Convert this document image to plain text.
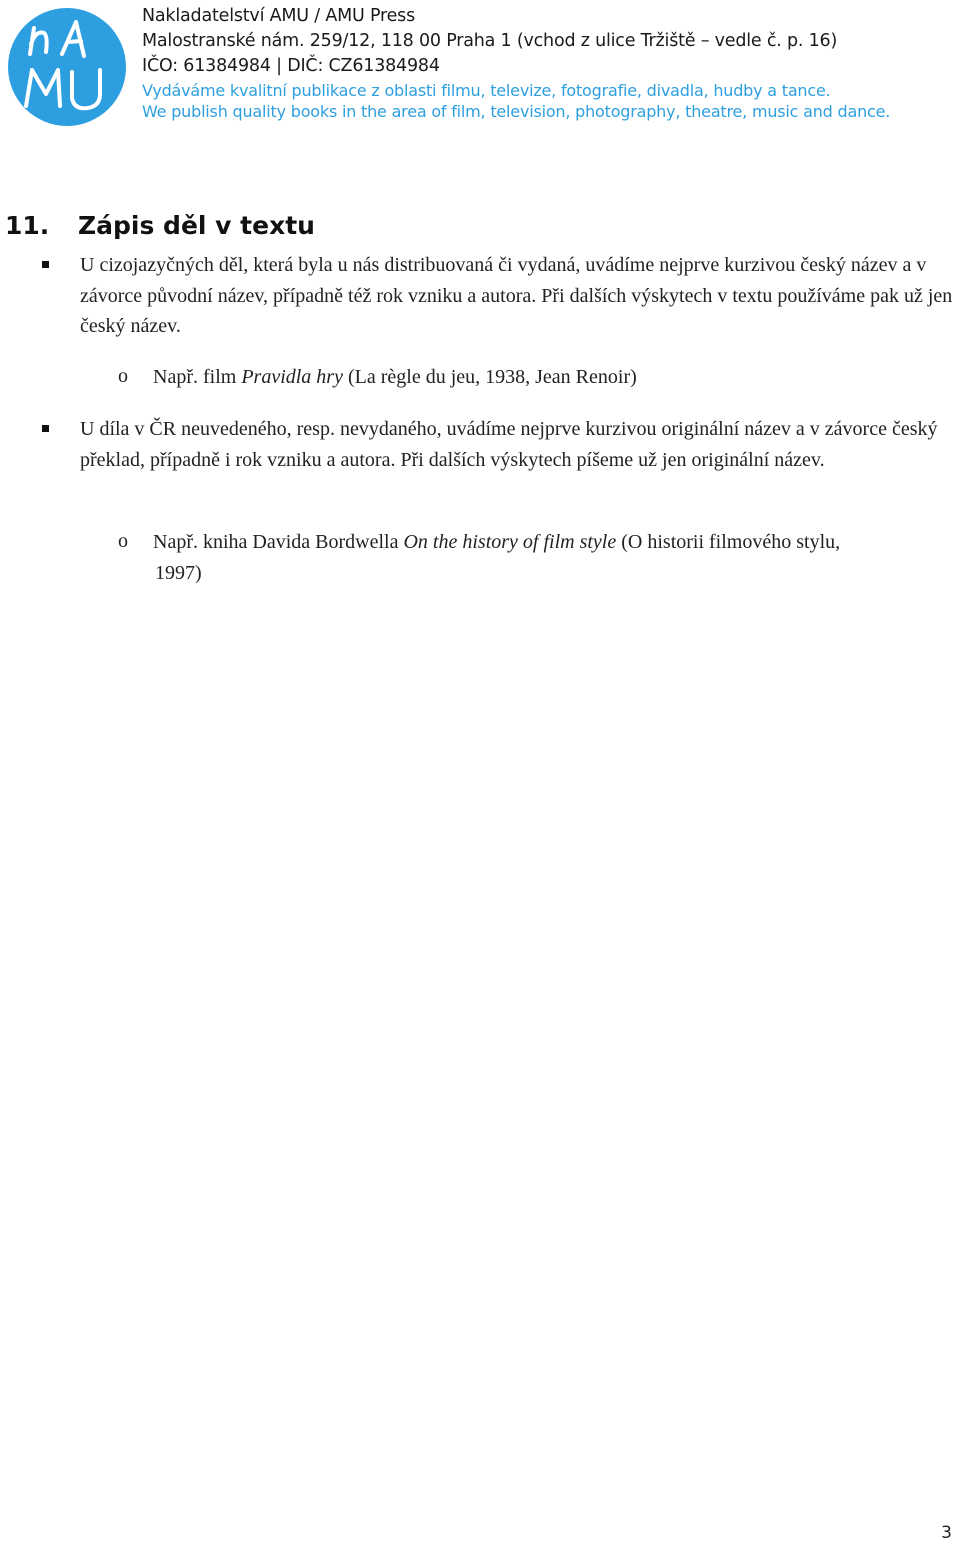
Nakladatelství AMU / AMU Press
Malostranské nám. 259/12, 118 00 Praha 1 (vchod z ulice Tržiště – vedle č. p. 16)
IČO: 61384984 | DIČ: CZ61384984
Vydáváme kvalitní publikace z oblasti filmu, televize, fotografie, divadla, hudby a tance.
We publish quality books in the area of film, television, photography, theatre, music and dance.
11. Zápis děl v textu
U cizojazyčných děl, která byla u nás distribuovaná či vydaná, uvádíme nejprve kurzivou český název a v závorce původní název, případně též rok vzniku a autora. Při dalších výskytech v textu používáme pak už jen český název.
o Např. film Pravidla hry (La règle du jeu, 1938, Jean Renoir)
U díla v ČR neuvedeného, resp. nevydaného, uvádíme nejprve kurzivou originální název a v závorce český překlad, případně i rok vzniku a autora. Při dalších výskytech píšeme už jen originální název.
o Např. kniha Davida Bordwella On the history of film style (O historii filmového stylu,
1997)
3
